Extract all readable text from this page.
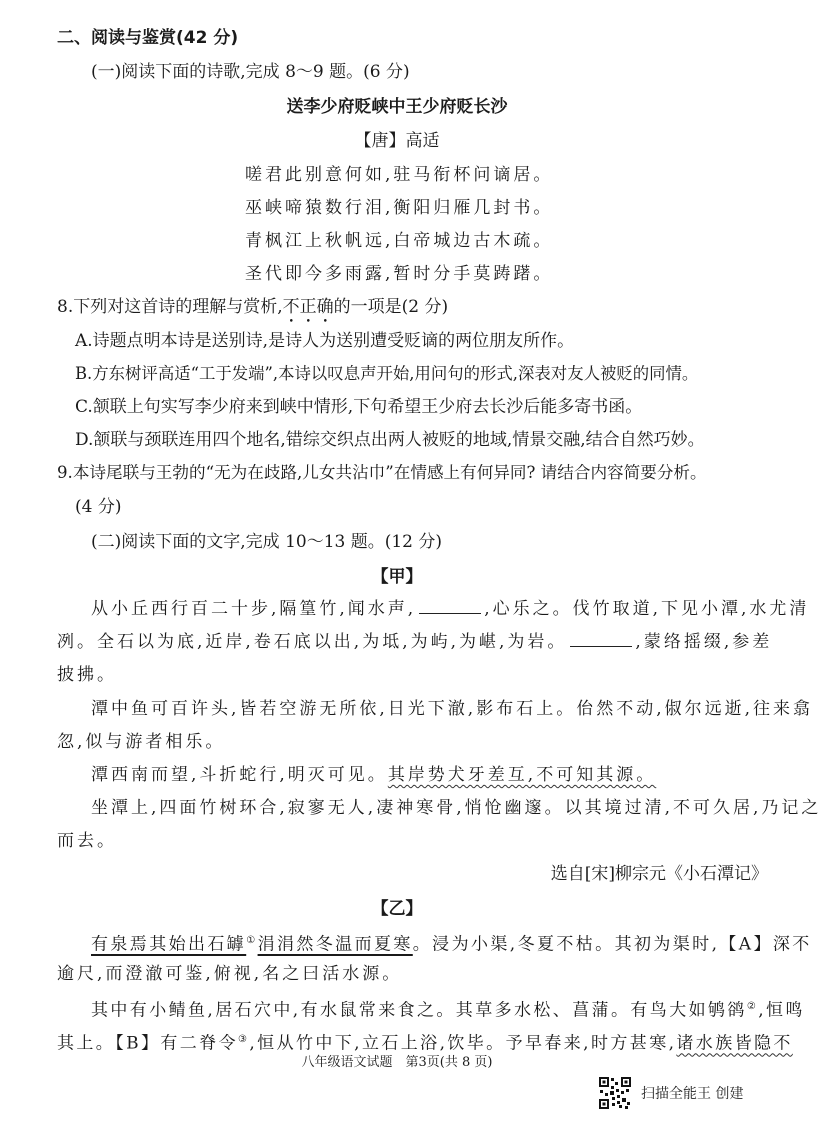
二、阅读与鉴赏(42 分)
(一)阅读下面的诗歌,完成 8～9 题。(6 分)
送李少府贬峡中王少府贬长沙
【唐】高适
嗟君此别意何如,驻马衔杯问谪居。
巫峡啼猿数行泪,衡阳归雁几封书。
青枫江上秋帆远,白帝城边古木疏。
圣代即今多雨露,暂时分手莫踌躇。
8.下列对这首诗的理解与赏析,不正确的一项是(2 分)
A.诗题点明本诗是送别诗,是诗人为送别遭受贬谪的两位朋友所作。
B.方东树评高适“工于发端”,本诗以叹息声开始,用问句的形式,深表对友人被贬的同情。
C.颔联上句实写李少府来到峡中情形,下句希望王少府去长沙后能多寄书函。
D.颔联与颈联连用四个地名,错综交织点出两人被贬的地域,情景交融,结合自然巧妙。
9.本诗尾联与王勃的“无为在歧路,儿女共沾巾”在情感上有何异同? 请结合内容简要分析。
(4 分)
(二)阅读下面的文字,完成 10～13 题。(12 分)
【甲】
从小丘西行百二十步,隔篁竹,闻水声,	,心乐之。伐竹取道,下见小潭,水尤清
冽。全石以为底,近岸,卷石底以出,为坻,为屿,为嵁,为岩。	,蒙络摇缀,参差
披拂。
潭中鱼可百许头,皆若空游无所依,日光下澈,影布石上。佁然不动,俶尔远逝,往来翕
忽,似与游者相乐。
潭西南而望,斗折蛇行,明灭可见。其岸势犬牙差互,不可知其源。
坐潭上,四面竹树环合,寂寥无人,凄神寒骨,悄怆幽邃。以其境过清,不可久居,乃记之
而去。
选自[宋]柳宗元《小石潭记》
【乙】
有泉焉其始出石罅①涓涓然冬温而夏寒。浸为小渠,冬夏不枯。其初为渠时,【A】深不
逾尺,而澄澈可鉴,俯视,名之曰活水源。
其中有小鲭鱼,居石穴中,有水鼠常来食之。其草多水松、菖蒲。有鸟大如鸲鹆②,恒鸣
其上。【B】有二脊令③,恒从竹中下,立石上浴,饮毕。予早春来,时方甚寒,诸水族皆隐不
八年级语文试题　第3页(共 8 页)
扫描全能王 创建
